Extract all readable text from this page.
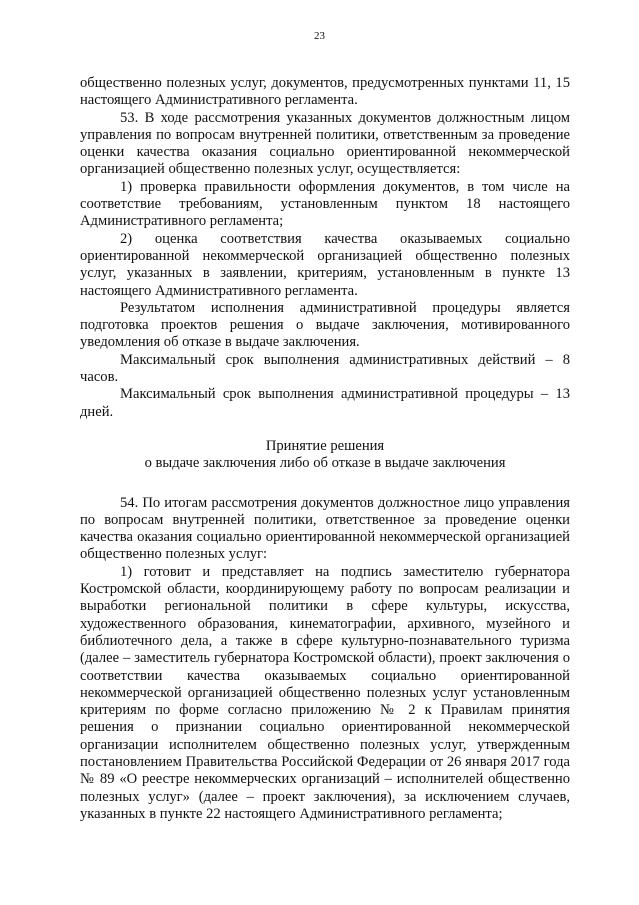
23

общественно полезных услуг, документов, предусмотренных пунктами 11, 15 настоящего Административного регламента.

53. В ходе рассмотрения указанных документов должностным лицом управления по вопросам внутренней политики, ответственным за проведение оценки качества оказания социально ориентированной некоммерческой организацией общественно полезных услуг, осуществляется:

1) проверка правильности оформления документов, в том числе на соответствие требованиям, установленным пунктом 18 настоящего Административного регламента;

2) оценка соответствия качества оказываемых социально ориентированной некоммерческой организацией общественно полезных услуг, указанных в заявлении, критериям, установленным в пункте 13 настоящего Административного регламента.

Результатом исполнения административной процедуры является подготовка проектов решения о выдаче заключения, мотивированного уведомления об отказе в выдаче заключения.

Максимальный срок выполнения административных действий – 8 часов.

Максимальный срок выполнения административной процедуры – 13 дней.

Принятие решения

о выдаче заключения либо об отказе в выдаче заключения

54. По итогам рассмотрения документов должностное лицо управления по вопросам внутренней политики, ответственное за проведение оценки качества оказания социально ориентированной некоммерческой организацией общественно полезных услуг:

1) готовит и представляет на подпись заместителю губернатора Костромской области, координирующему работу по вопросам реализации и выработки региональной политики в сфере культуры, искусства, художественного образования, кинематографии, архивного, музейного и библиотечного дела, а также в сфере культурно-познавательного туризма (далее – заместитель губернатора Костромской области), проект заключения о соответствии качества оказываемых социально ориентированной некоммерческой организацией общественно полезных услуг установленным критериям по форме согласно приложению № 2 к Правилам принятия решения о признании социально ориентированной некоммерческой организации исполнителем общественно полезных услуг, утвержденным постановлением Правительства Российской Федерации от 26 января 2017 года № 89 «О реестре некоммерческих организаций – исполнителей общественно полезных услуг» (далее – проект заключения), за исключением случаев, указанных в пункте 22 настоящего Административного регламента;
